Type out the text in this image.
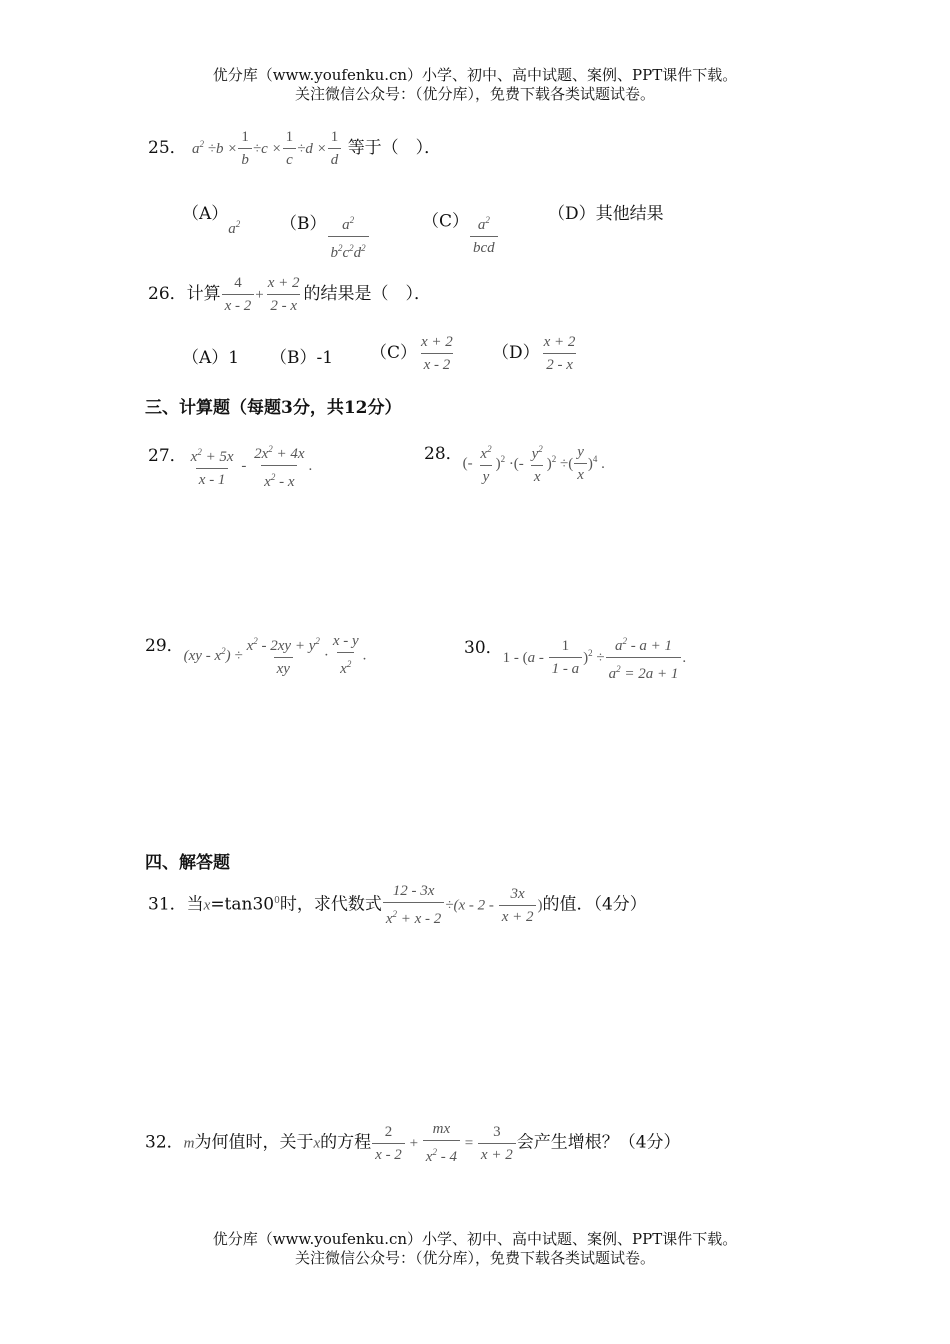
优分库（www.youfenku.cn）小学、初中、高中试题、案例、PPT课件下载。
关注微信公众号：（优分库），免费下载各类试题试卷。
25． $a^2 \div b \times \frac{1}{b} \div c \times \frac{1}{c} \div d \times \frac{1}{d}$ 等于（　）．
$(A)a^2$ $(B) \frac{a^2}{b^2c^2d^2}$	$(C) \frac{a^2}{\text{bcd}}$	（D）其他结果
26．计算 $\frac{4}{x - 2} + \frac{x + 2}{2 - x}$ 的结果是（　）．
（A）1 （B）-1 $(C) \frac{x + 2}{x - 2} (D) \frac{x + 2}{2 - x}$
三、计算题（每题3分，共12分）
27． $\frac{x^2 + 5x}{x - 1} - \frac{2x^2 + 4x}{x^2 - x}$ .
28．(- $\frac{x^2}{y} )^2$ ·(- $\frac{y^2}{x} )^2$ ÷( $\frac{y}{x} )^4$ .
29．$(xy - x^2) \div \frac{x^2 - 2xy + y^2}{xy} \cdot \frac{x - y}{x^2}$ .	30．$1 - (a - \frac{1}{1 - a} )^2 \div \frac{a^2 - a + 1}{a^2 = 2a + 1}$ .
四、解答题
31．当$x=\tan 30^0$时，求代数式 $\frac{12 - 3x}{x^2 + x - 2} \div(x - 2 - \frac{3x}{x + 2}$ )的值．（4分）
32．m为何值时，关于x的方程 $\frac{2}{x - 2} + \frac{mx}{x^2 - 4} = \frac{3}{x + 2}$ 会产生增根？（4分）
优分库（www.youfenku.cn）小学、初中、高中试题、案例、PPT课件下载。
关注微信公众号：（优分库），免费下载各类试题试卷。
